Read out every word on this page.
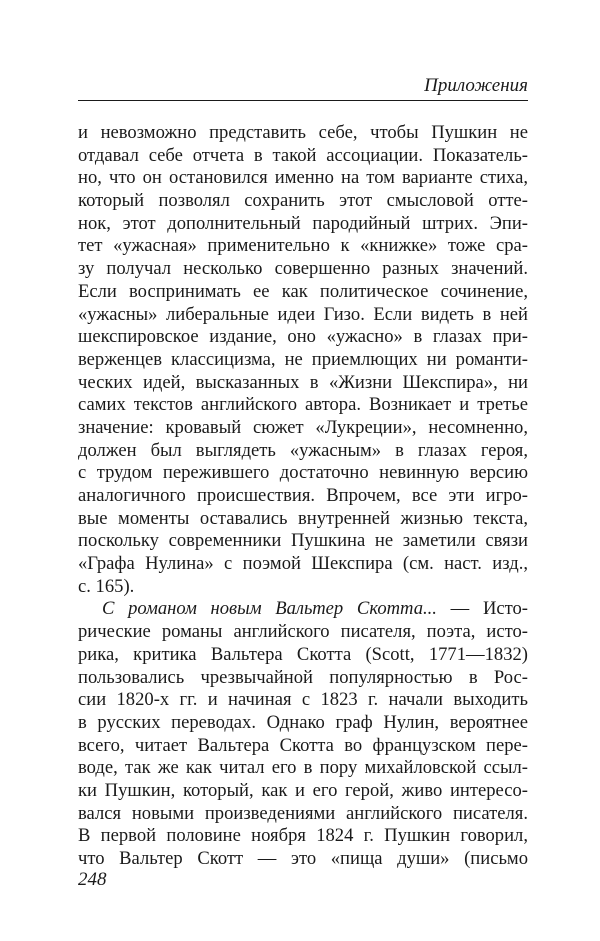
Приложения
и невозможно представить себе, чтобы Пушкин не
отдавал себе отчета в такой ассоциации. Показатель-
но, что он остановился именно на том варианте стиха,
который позволял сохранить этот смысловой отте-
нок, этот дополнительный пародийный штрих. Эпи-
тет «ужасная» применительно к «книжке» тоже сра-
зу получал несколько совершенно разных значений.
Если воспринимать ее как политическое сочинение,
«ужасны» либеральные идеи Гизо. Если видеть в ней
шекспировское издание, оно «ужасно» в глазах при-
верженцев классицизма, не приемлющих ни романти-
ческих идей, высказанных в «Жизни Шекспира», ни
самих текстов английского автора. Возникает и третье
значение: кровавый сюжет «Лукреции», несомненно,
должен был выглядеть «ужасным» в глазах героя,
с трудом пережившего достаточно невинную версию
аналогичного происшествия. Впрочем, все эти игро-
вые моменты оставались внутренней жизнью текста,
поскольку современники Пушкина не заметили связи
«Графа Нулина» с поэмой Шекспира (см. наст. изд.,
с. 165).
С романом новым Вальтер Скотта... — Исто-
рические романы английского писателя, поэта, исто-
рика, критика Вальтера Скотта (Scott, 1771—1832)
пользовались чрезвычайной популярностью в Рос-
сии 1820-х гг. и начиная с 1823 г. начали выходить
в русских переводах. Однако граф Нулин, вероятнее
всего, читает Вальтера Скотта во французском пере-
воде, так же как читал его в пору михайловской ссыл-
ки Пушкин, который, как и его герой, живо интересо-
вался новыми произведениями английского писателя.
В первой половине ноября 1824 г. Пушкин говорил,
что Вальтер Скотт — это «пища души» (письмо
248
